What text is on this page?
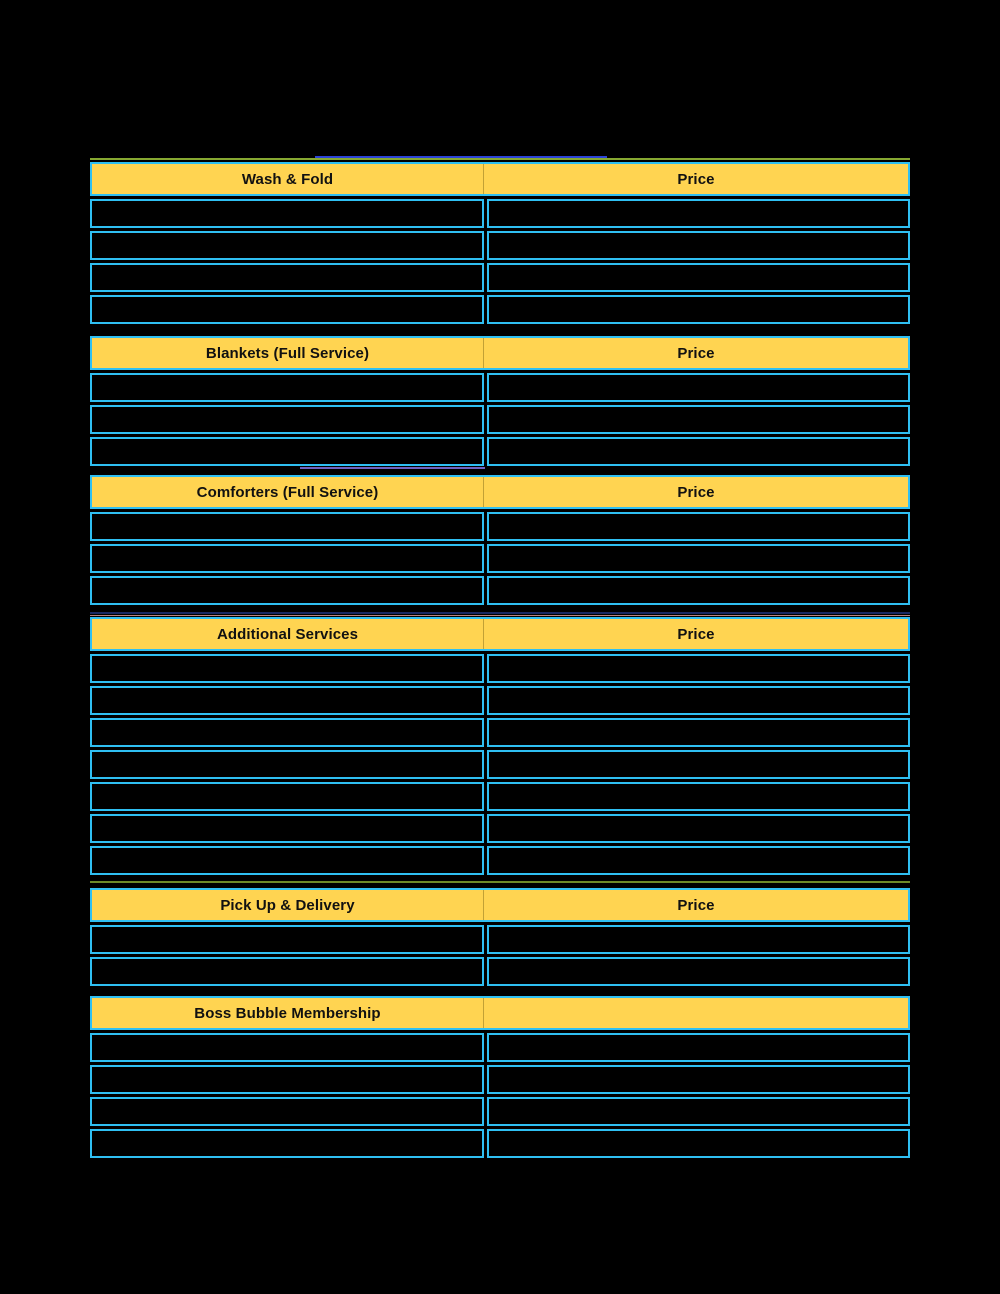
Wash & Fold	Price
Blankets (Full Service)	Price
Comforters (Full Service)	Price
Additional Services	Price
Pick Up & Delivery	Price
Boss Bubble Membership
